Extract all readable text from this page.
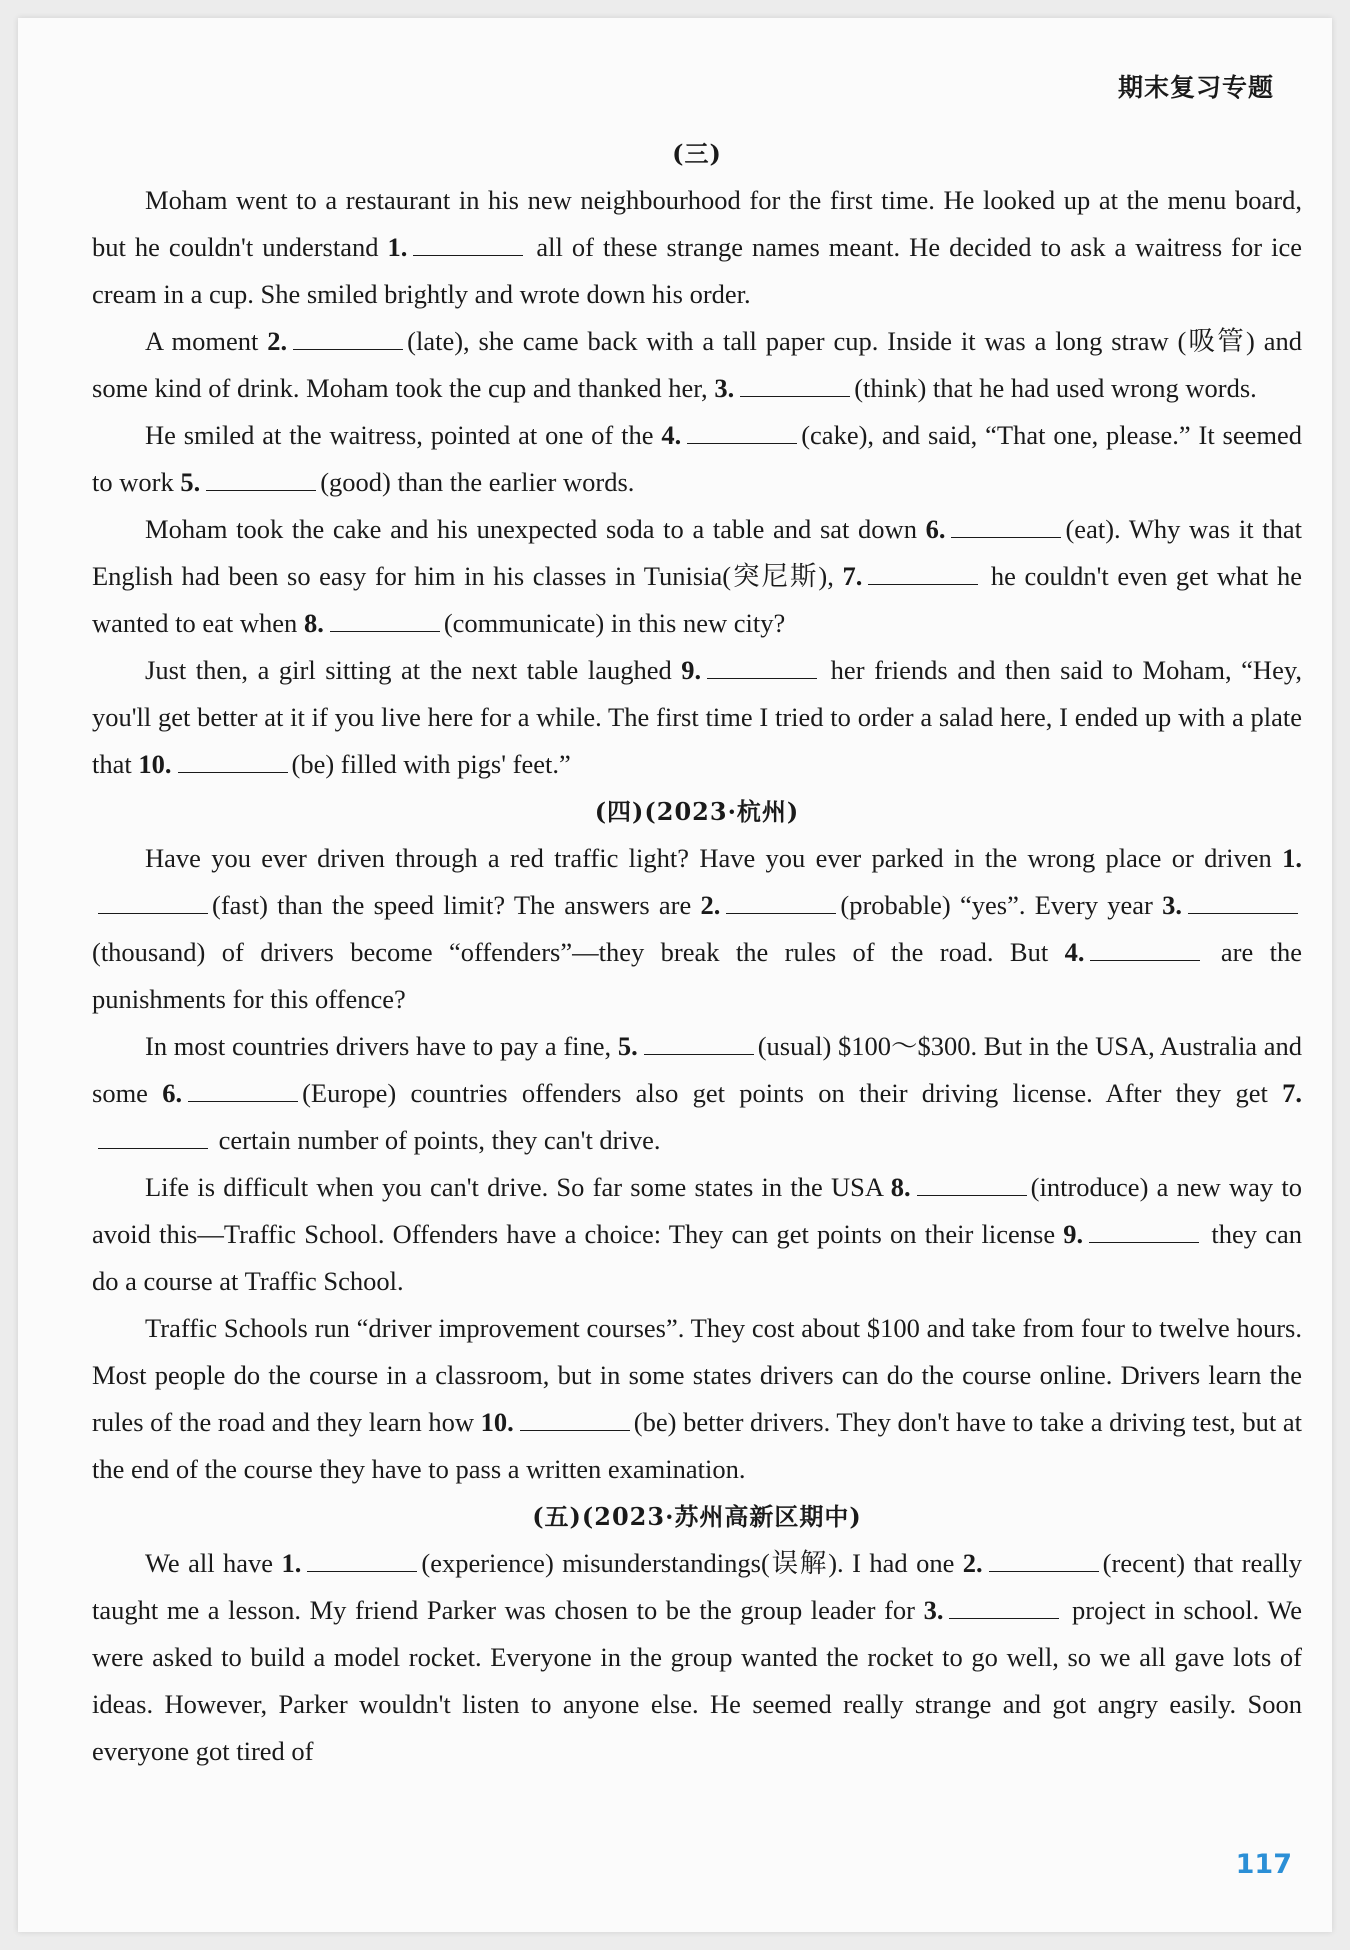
期末复习专题
(三)

Moham went to a restaurant in his new neighbourhood for the first time. He looked up at the menu board, but he couldn't understand 1.	all of these strange names meant. He decided to ask a waitress for ice cream in a cup. She smiled brightly and wrote down his order.

A moment 2.	(late), she came back with a tall paper cup. Inside it was a long straw (吸管) and some kind of drink. Moham took the cup and thanked her, 3.	(think) that he had used wrong words.

He smiled at the waitress, pointed at one of the 4.	(cake), and said, “That one, please.” It seemed to work 5.	(good) than the earlier words.

Moham took the cake and his unexpected soda to a table and sat down 6.	(eat). Why was it that English had been so easy for him in his classes in Tunisia(突尼斯), 7.	he couldn't even get what he wanted to eat when 8.	(communicate) in this new city?

Just then, a girl sitting at the next table laughed 9.	her friends and then said to Moham, “Hey, you'll get better at it if you live here for a while. The first time I tried to order a salad here, I ended up with a plate that 10.	(be) filled with pigs' feet.”

(四)(2023·杭州)

Have you ever driven through a red traffic light? Have you ever parked in the wrong place or driven 1.(fast) than the speed limit? The answers are 2.	(probable) “yes”. Every year 3.(thousand) of drivers become “offenders”—they break the rules of the road. But 4.	are the punishments for this offence?

In most countries drivers have to pay a fine, 5.	(usual) $100～$300. But in the USA, Australia and some 6.	(Europe) countries offenders also get points on their driving license. After they get 7. certain number of points, they can't drive.

Life is difficult when you can't drive. So far some states in the USA 8.	(introduce) a new way to avoid this—Traffic School. Offenders have a choice: They can get points on their license 9.	they can do a course at Traffic School.

Traffic Schools run “driver improvement courses”. They cost about $100 and take from four to twelve hours. Most people do the course in a classroom, but in some states drivers can do the course online. Drivers learn the rules of the road and they learn how 10.	(be) better drivers. They don't have to take a driving test, but at the end of the course they have to pass a written examination.

(五)(2023·苏州高新区期中)

We all have 1.	(experience) misunderstandings(误解). I had one 2.	(recent) that really taught me a lesson. My friend Parker was chosen to be the group leader for 3.	project in school. We were asked to build a model rocket. Everyone in the group wanted the rocket to go well, so we all gave lots of ideas. However, Parker wouldn't listen to anyone else. He seemed really strange and got angry easily. Soon everyone got tired of

117
